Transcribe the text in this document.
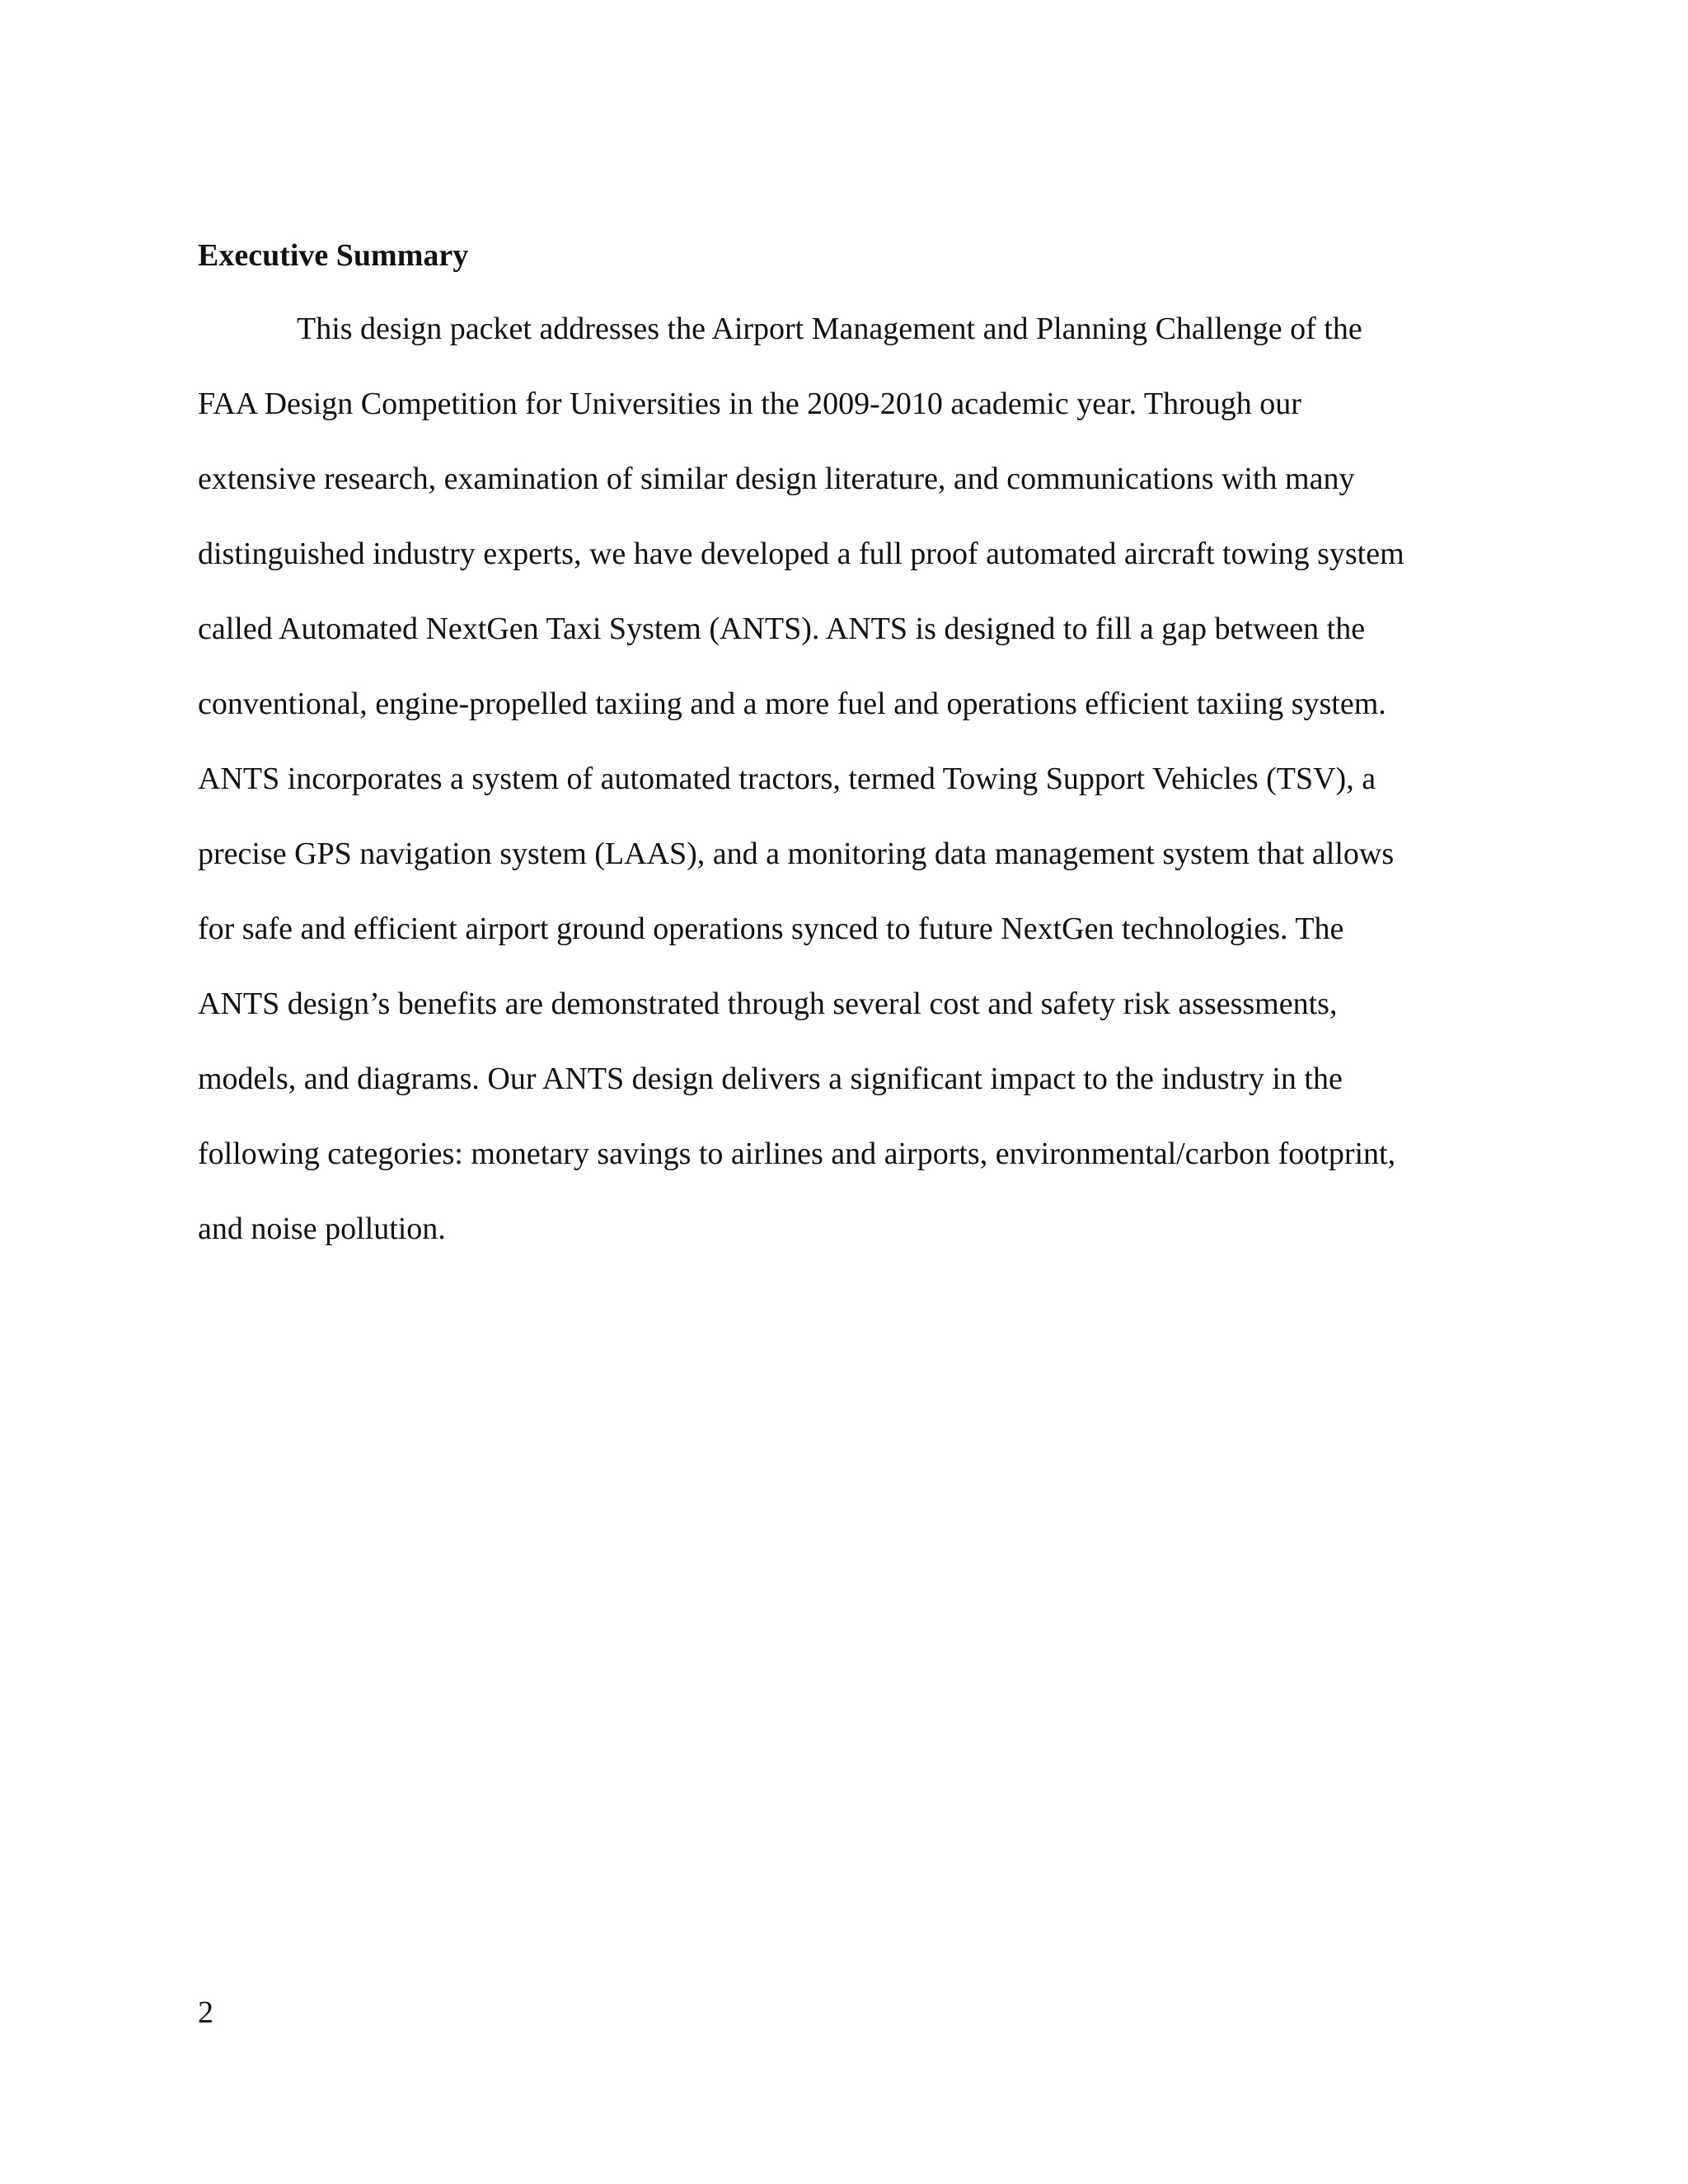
Executive Summary
This design packet addresses the Airport Management and Planning Challenge of the
FAA Design Competition for Universities in the 2009-2010 academic year. Through our
extensive research, examination of similar design literature, and communications with many
distinguished industry experts, we have developed a full proof automated aircraft towing system
called Automated NextGen Taxi System (ANTS). ANTS is designed to fill a gap between the
conventional, engine-propelled taxiing and a more fuel and operations efficient taxiing system.
ANTS incorporates a system of automated tractors, termed Towing Support Vehicles (TSV), a
precise GPS navigation system (LAAS), and a monitoring data management system that allows
for safe and efficient airport ground operations synced to future NextGen technologies. The
ANTS design’s benefits are demonstrated through several cost and safety risk assessments,
models, and diagrams. Our ANTS design delivers a significant impact to the industry in the
following categories: monetary savings to airlines and airports, environmental/carbon footprint,
and noise pollution.
2
